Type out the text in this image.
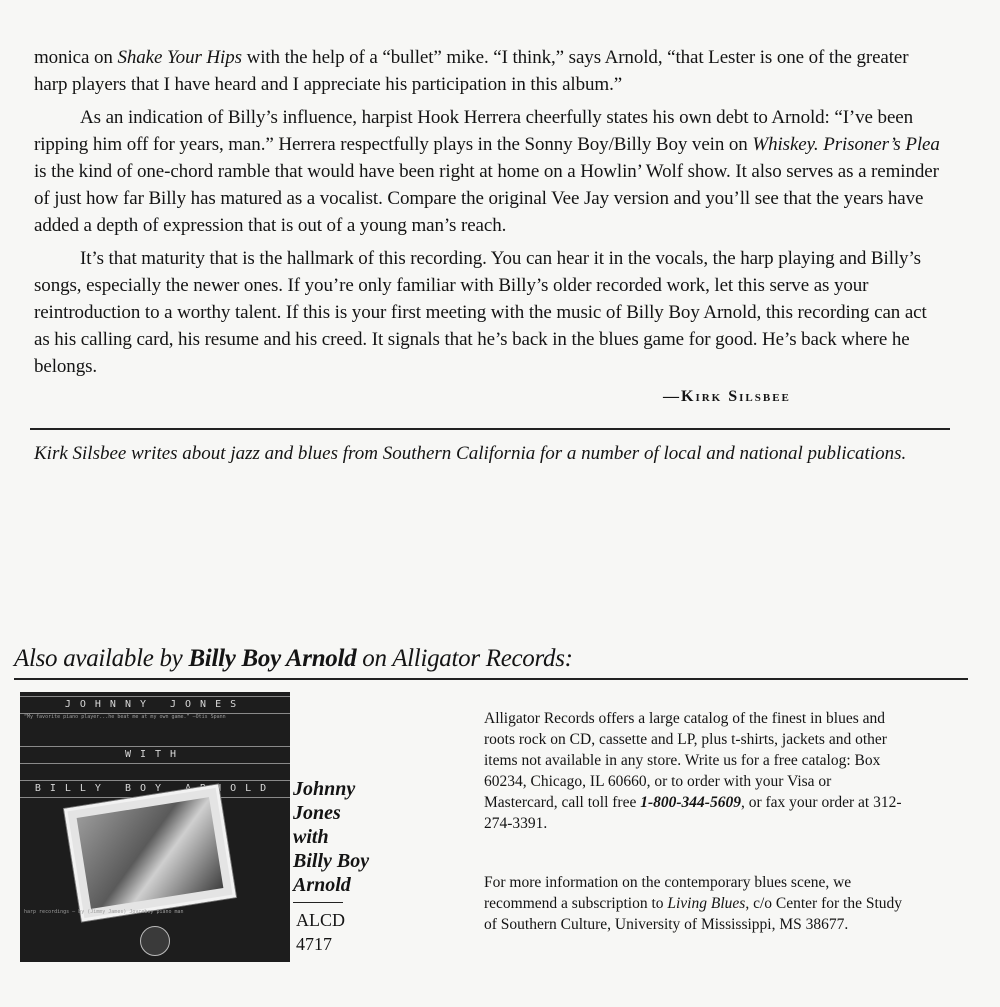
monica on Shake Your Hips with the help of a “bullet” mike. “I think,” says Arnold, “that Lester is one of the greater harp players that I have heard and I appreciate his participation in this album.”

As an indication of Billy’s influence, harpist Hook Herrera cheerfully states his own debt to Arnold: “I’ve been ripping him off for years, man.” Herrera respectfully plays in the Sonny Boy/Billy Boy vein on Whiskey. Prisoner’s Plea is the kind of one-chord ramble that would have been right at home on a Howlin’ Wolf show. It also serves as a reminder of just how far Billy has matured as a vocalist. Compare the original Vee Jay version and you’ll see that the years have added a depth of expression that is out of a young man’s reach.

It’s that maturity that is the hallmark of this recording. You can hear it in the vocals, the harp playing and Billy’s songs, especially the newer ones. If you’re only familiar with Billy’s older recorded work, let this serve as your reintroduction to a worthy talent. If this is your first meeting with the music of Billy Boy Arnold, this recording can act as his calling card, his resume and his creed. It signals that he’s back in the blues game for good. He’s back where he belongs.

—Kirk Silsbee

Kirk Silsbee writes about jazz and blues from Southern California for a number of local and national publications.

Also available by Billy Boy Arnold on Alligator Records:
JOHNNY JONES
“My favorite piano player...he beat me at my own game.” —Otis Spann
WITH
BILLY BOY ARNOLD
harp recordings — by (Jimmy James) Joyceboy piano man
Johnny
Jones
with
Billy Boy
Arnold
ALCD
4717

Alligator Records offers a large catalog of the finest in blues and roots rock on CD, cassette and LP, plus t-shirts, jackets and other items not available in any store. Write us for a free catalog: Box 60234, Chicago, IL 60660, or to order with your Visa or Mastercard, call toll free 1-800-344-5609, or fax your order at 312- 274-3391.

For more information on the contemporary blues scene, we recommend a subscription to Living Blues, c/o Center for the Study of Southern Culture, University of Mississippi, MS 38677.
